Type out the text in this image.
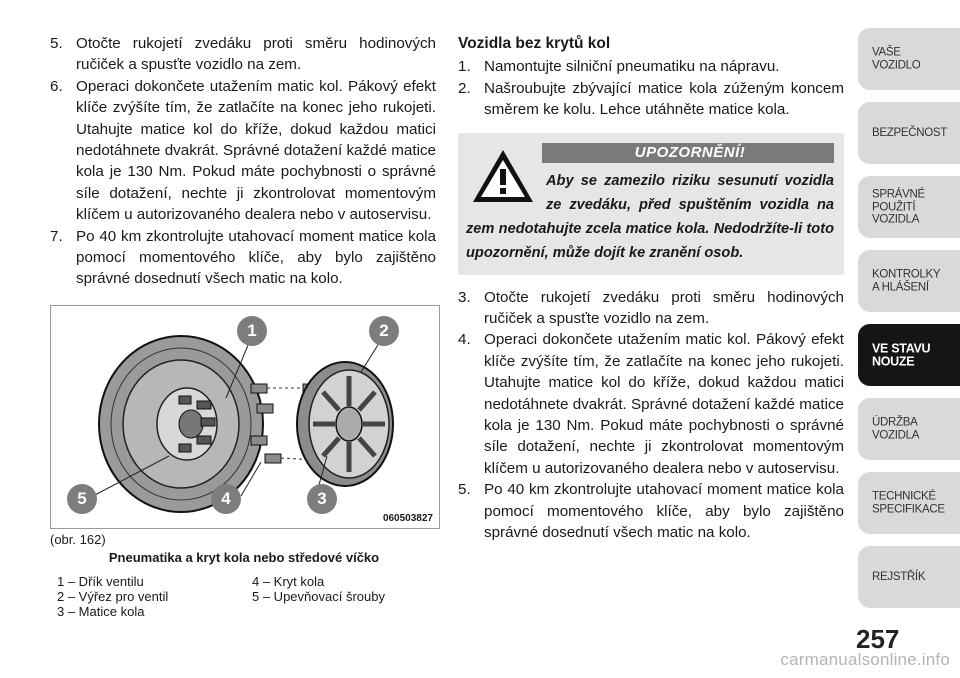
5. Otočte rukojetí zvedáku proti směru hodinových ručiček a spusťte vozidlo na zem.
6. Operaci dokončete utažením matic kol. Pákový efekt klíče zvýšíte tím, že zatlačíte na konec jeho rukojeti. Utahujte matice kol do kříže, dokud každou matici nedotáhnete dvakrát. Správné dotažení každé matice kola je 130 Nm. Pokud máte pochybnosti o správné síle dotažení, nechte ji zkontrolovat momentovým klíčem u autorizovaného dealera nebo v autoservisu.
7. Po 40 km zkontrolujte utahovací moment matice kola pomocí momentového klíče, aby bylo zajištěno správné dosednutí všech matic na kolo.
1	2
3
4
5
060503827
(obr. 162)
Pneumatika a kryt kola nebo středové víčko
1 – Dřík ventilu
2 – Výřez pro ventil
3 – Matice kola
4 – Kryt kola
5 – Upevňovací šrouby
Vozidla bez krytů kol
1. Namontujte silniční pneumatiku na nápravu.
2. Našroubujte zbývající matice kola zúženým koncem směrem ke kolu. Lehce utáhněte matice kola.
UPOZORNĚNÍ!
Aby se zamezilo riziku sesunutí vozidla ze zvedáku, před spuštěním vozidla na zem nedotahujte zcela matice kola. Nedodržíte-li toto upozornění, může dojít ke zranění osob.
3. Otočte rukojetí zvedáku proti směru hodinových ručiček a spusťte vozidlo na zem.
4. Operaci dokončete utažením matic kol. Pákový efekt klíče zvýšíte tím, že zatlačíte na konec jeho rukojeti. Utahujte matice kol do kříže, dokud každou matici nedotáhnete dvakrát. Správné dotažení každé matice kola je 130 Nm. Pokud máte pochybnosti o správné síle dotažení, nechte ji zkontrolovat momentovým klíčem u autorizovaného dealera nebo v autoservisu.
5. Po 40 km zkontrolujte utahovací moment matice kola pomocí momentového klíče, aby bylo zajištěno správné dosednutí všech matic na kolo.
VAŠE
VOZIDLO
BEZPEČNOST
SPRÁVNÉ
POUŽITÍ
VOZIDLA
KONTROLKY
A HLÁŠENÍ
VE STAVU
NOUZE
ÚDRŽBA
VOZIDLA
TECHNICKÉ
SPECIFIKACE
REJSTŘÍK
257
carmanualsonline.info
